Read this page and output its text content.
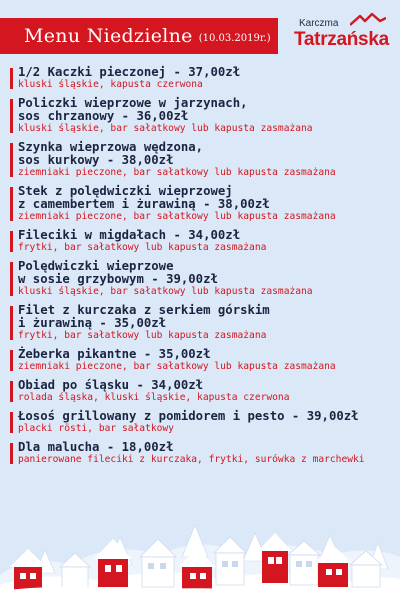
Menu Niedzielne (10.03.2019r.)
Karczma
Tatrzańska
1/2 Kaczki pieczonej - 37,00zł
kluski śląskie, kapusta czerwona
Policzki wieprzowe w jarzynach,
sos chrzanowy - 36,00zł
kluski śląskie, bar sałatkowy lub kapusta zasmażana
Szynka wieprzowa wędzona,
sos kurkowy - 38,00zł
ziemniaki pieczone, bar sałatkowy lub kapusta zasmażana
Stek z polędwiczki wieprzowej
z camembertem i żurawiną - 38,00zł
ziemniaki pieczone, bar sałatkowy lub kapusta zasmażana
Fileciki w migdałach - 34,00zł
frytki, bar sałatkowy lub kapusta zasmażana
Polędwiczki wieprzowe
w sosie grzybowym - 39,00zł
kluski śląskie, bar sałatkowy lub kapusta zasmażana
Filet z kurczaka z serkiem górskim
i żurawiną - 35,00zł
frytki, bar sałatkowy lub kapusta zasmażana
Żeberka pikantne - 35,00zł
ziemniaki pieczone, bar sałatkowy lub kapusta zasmażana
Obiad po śląsku - 34,00zł
rolada śląska, kluski śląskie, kapusta czerwona
Łosoś grillowany z pomidorem i pesto - 39,00zł
placki rösti, bar sałatkowy
Dla malucha - 18,00zł
panierowane fileciki z kurczaka, frytki, surówka z marchewki
